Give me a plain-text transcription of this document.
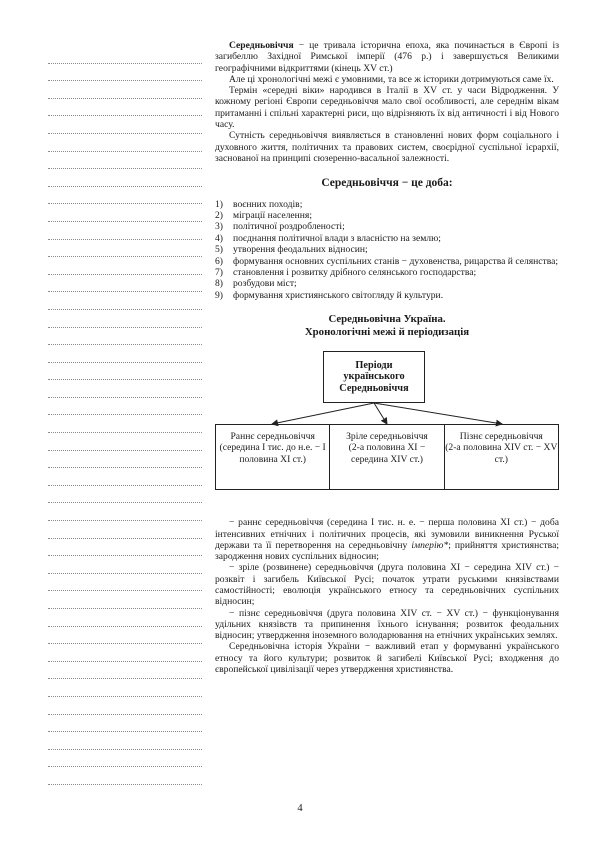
Середньовіччя − це тривала історична епоха, яка починається в Європі із загибеллю Західної Римської імперії (476 р.) і завершується Великими географічними відкриттями (кінець XV ст.)

Але ці хронологічні межі є умовними, та все ж історики дотримуються саме їх.

Термін «середні віки» народився в Італії в XV ст. у часи Відродження. У кожному регіоні Європи середньовіччя мало свої особливості, але середнім вікам притаманні і спільні характерні риси, що відрізняють їх від античності і від Нового часу.

Сутність середньовіччя виявляється в становленні нових форм соціального і духовного життя, політичних та правових систем, своєрідної суспільної ієрархії, заснованої на принципі сюзеренно-васальної залежності.

Середньовіччя − це доба:
1)	воєнних походів;
2)	міграції населення;
3)	політичної роздробленості;
4)	поєднання політичної влади з власністю на землю;
5)	утворення феодальних відносин;
6)	формування основних суспільних станів − духовенства, рицарства й селянства;
7)	становлення і розвитку дрібного селянського господарства;
8)	розбудови міст;
9)	формування християнського світогляду й культури.
Середньовічна Україна.
Хронологічні межі й періодизація
Періоди українського Середньовіччя
Раннє середньовіччя
(середина I тис. до н.е. − I половина XI ст.)
Зріле середньовіччя
(2-а половина XI − середина XIV ст.)
Пізнє середньовіччя
(2-а половина XIV ст. − XV ст.)

− раннє середньовіччя (середина I тис. н. е. − перша половина XI ст.) − доба інтенсивних етнічних і політичних процесів, які зумовили виникнення Руської держави та її перетворення на середньовічну імперію*; прийняття християнства; зародження нових суспільних відносин;

− зріле (розвинене) середньовіччя (друга половина XI − середина XIV ст.) − розквіт і загибель Київської Русі; початок утрати руськими князівствами самостійності; еволюція українського етносу та середньовічних суспільних відносин;

− пізнє середньовіччя (друга половина XIV ст. − XV ст.) − функціонування удільних князівств та припинення їхнього існування; розвиток феодальних відносин; утвердження іноземного володарювання на етнічних українських землях.

Середньовічна історія України − важливий етап у формуванні українського етносу та його культури; розвиток й загибелі Київської Русі; входження до європейської цивілізації через утвердження християнства.

4
